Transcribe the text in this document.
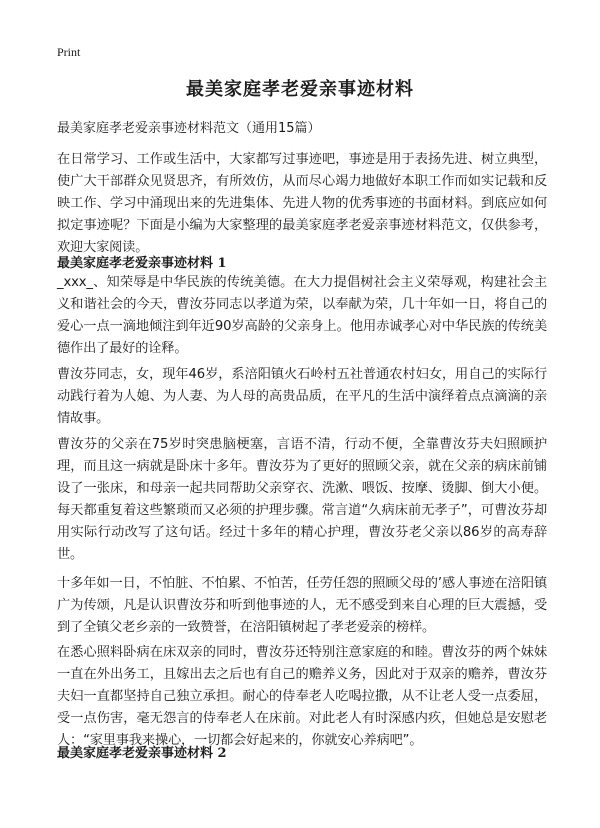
Print
最美家庭孝老爱亲事迹材料
最美家庭孝老爱亲事迹材料范文（通用15篇）

在日常学习、工作或生活中，大家都写过事迹吧，事迹是用于表扬先进、树立典型，使广大干部群众见贤思齐，有所效仿，从而尽心竭力地做好本职工作而如实记载和反映工作、学习中涌现出来的先进集体、先进人物的优秀事迹的书面材料。到底应如何拟定事迹呢？下面是小编为大家整理的最美家庭孝老爱亲事迹材料范文，仅供参考，欢迎大家阅读。

最美家庭孝老爱亲事迹材料 1

_xxx_、知荣辱是中华民族的传统美德。在大力提倡树社会主义荣辱观，构建社会主义和谐社会的今天，曹汝芬同志以孝道为荣，以奉献为荣，几十年如一日，将自己的爱心一点一滴地倾注到年近90岁高龄的父亲身上。他用赤诚孝心对中华民族的传统美德作出了最好的诠释。

曹汝芬同志，女，现年46岁，系涪阳镇火石岭村五社普通农村妇女，用自己的实际行动践行着为人媳、为人妻、为人母的高贵品质，在平凡的生活中演绎着点点滴滴的亲情故事。

曹汝芬的父亲在75岁时突患脑梗塞，言语不清，行动不便，全靠曹汝芬夫妇照顾护理，而且这一病就是卧床十多年。曹汝芬为了更好的照顾父亲，就在父亲的病床前铺设了一张床，和母亲一起共同帮助父亲穿衣、洗漱、喂饭、按摩、烫脚、倒大小便。每天都重复着这些繁琐而又必须的护理步骤。常言道“久病床前无孝子”，可曹汝芬却用实际行动改写了这句话。经过十多年的精心护理，曹汝芬老父亲以86岁的高寿辞世。

十多年如一日，不怕脏、不怕累、不怕苦，任劳任怨的照顾父母的’感人事迹在涪阳镇广为传颂，凡是认识曹汝芬和听到他事迹的人，无不感受到来自心理的巨大震撼，受到了全镇父老乡亲的一致赞誉，在涪阳镇树起了孝老爱亲的榜样。

在悉心照料卧病在床双亲的同时，曹汝芬还特别注意家庭的和睦。曹汝芬的两个妹妹一直在外出务工，且嫁出去之后也有自己的赡养义务，因此对于双亲的赡养，曹汝芬夫妇一直都坚持自己独立承担。耐心的侍奉老人吃喝拉撒，从不让老人受一点委屈，受一点伤害，毫无怨言的侍奉老人在床前。对此老人有时深感内疚，但她总是安慰老人：“家里事我来操心，一切都会好起来的，你就安心养病吧”。

最美家庭孝老爱亲事迹材料 2
